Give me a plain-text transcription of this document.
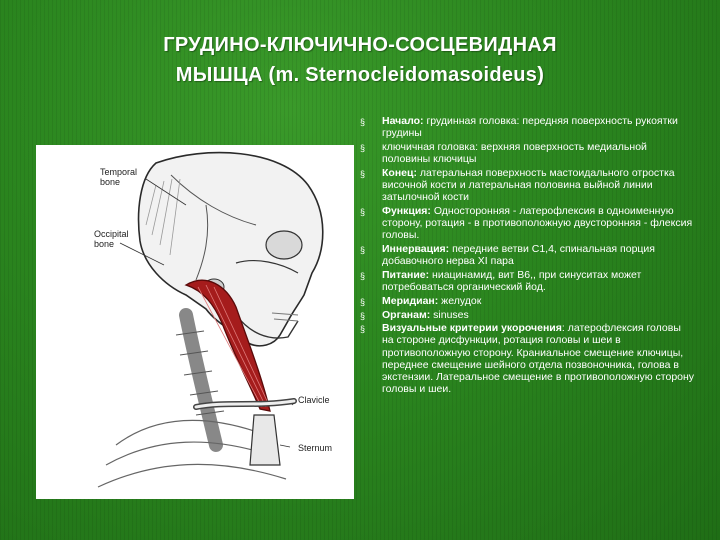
ГРУДИНО-КЛЮЧИЧНО-СОСЦЕВИДНАЯ
МЫШЦА (m. Sternocleidomasoideus)
Temporal
bone
Occipital
bone
Clavicle
Sternum
§ Начало: грудинная головка: передняя поверхность рукоятки грудины
§ ключичная головка: верхняя поверхность медиальной половины ключицы
§ Конец: латеральная поверхность мастоидального отростка височной кости и латеральная половина выйной линии затылочной кости
§ Функция: Односторонняя - латерофлексия в одноименную сторону, ротация - в противоположную двусторонняя - флексия головы.
§ Иннервация: передние ветви С1,4, спинальная порция добавочного нерва XI пара
§ Питание: ниацинамид, вит В6,, при синуситах может потребоваться органический йод.
§ Меридиан: желудок
§ Органам: sinuses
§ Визуальные критерии укорочения: латерофлексия головы на стороне дисфункции, ротация головы и шеи в противоположную сторону. Краниальное смещение ключицы, переднее смещение шейного отдела позвоночника, голова в экстензии. Латеральное смещение в противоположную сторону головы и шеи.
